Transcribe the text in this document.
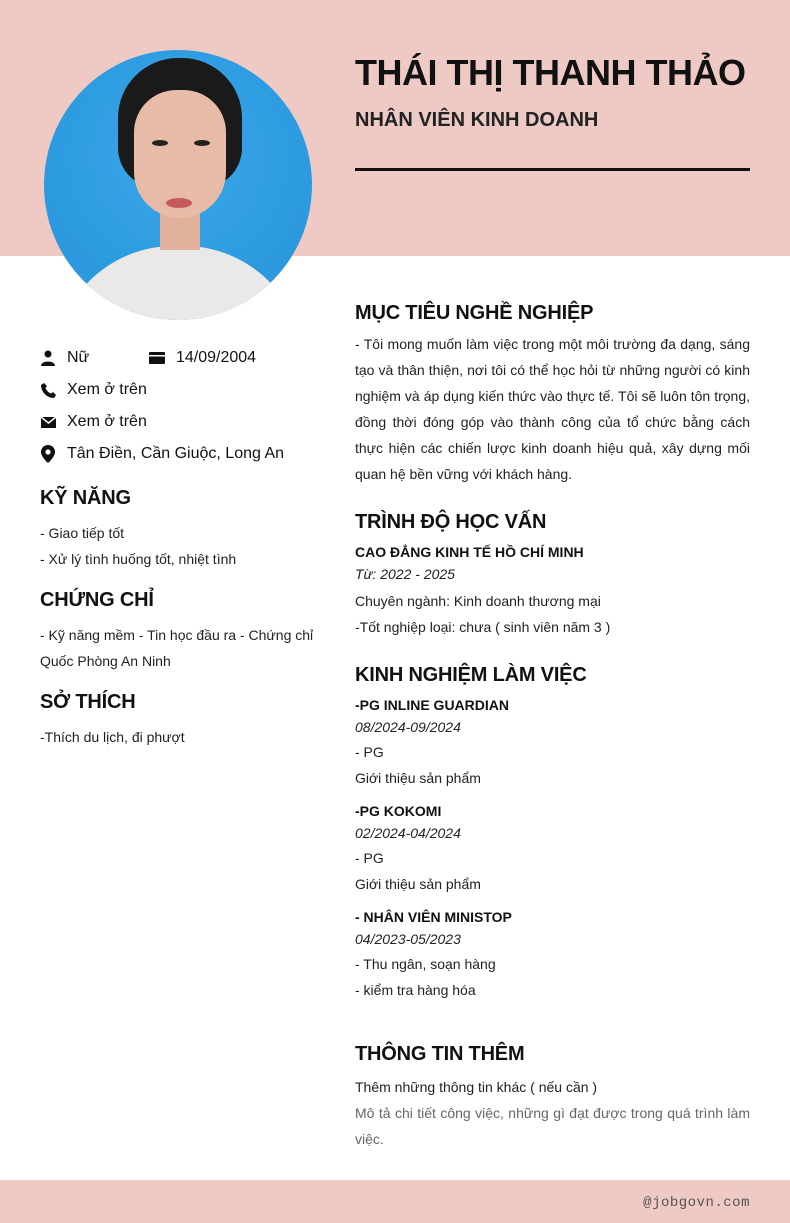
THÁI THỊ THANH THẢO
NHÂN VIÊN KINH DOANH
Nữ	14/09/2004
Xem ở trên
Xem ở trên
Tân Điền, Cần Giuộc, Long An
KỸ NĂNG
- Giao tiếp tốt
- Xử lý tình huống tốt, nhiệt tình
CHỨNG CHỈ
- Kỹ năng mềm - Tin học đầu ra - Chứng chỉ Quốc Phòng An Ninh
SỞ THÍCH
-Thích du lịch, đi phượt
MỤC TIÊU NGHỀ NGHIỆP
- Tôi mong muốn làm việc trong một môi trường đa dạng, sáng tạo và thân thiện, nơi tôi có thể học hỏi từ những người có kinh nghiệm và áp dụng kiến thức vào thực tế. Tôi sẽ luôn tôn trọng, đồng thời đóng góp vào thành công của tổ chức bằng cách thực hiện các chiến lược kinh doanh hiệu quả, xây dựng mối quan hệ bền vững với khách hàng.
TRÌNH ĐỘ HỌC VẤN
CAO ĐẲNG KINH TẾ HỒ CHÍ MINH
Từ: 2022 - 2025
Chuyên ngành: Kinh doanh thương mại
-Tốt nghiệp loại: chưa ( sinh viên năm 3 )
KINH NGHIỆM LÀM VIỆC
-PG INLINE GUARDIAN
08/2024-09/2024
- PG
Giới thiệu sản phẩm
-PG KOKOMI
02/2024-04/2024
- PG
Giới thiệu sản phẩm
- NHÂN VIÊN MINISTOP
04/2023-05/2023
- Thu ngân, soạn hàng
- kiểm tra hàng hóa
THÔNG TIN THÊM
Thêm những thông tin khác ( nếu cần )
Mô tả chi tiết công việc, những gì đạt được trong quá trình làm việc.
@jobgovn.com
